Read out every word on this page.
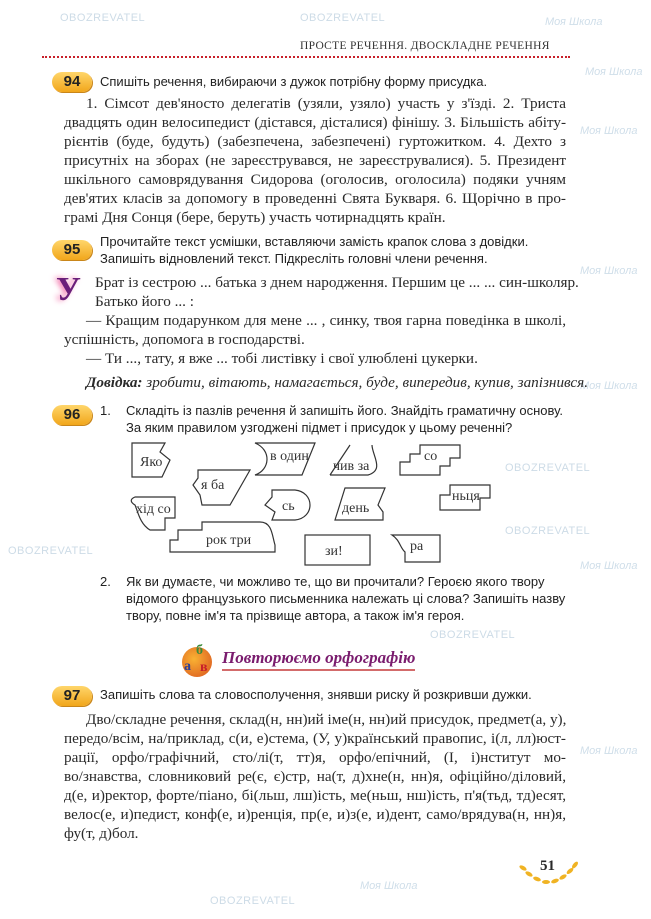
Моя Школа
OBOZREVATEL	Моя Школа
OBOZREVATEL
Моя Школа
OBOZREVATEL
Моя Школа
OBOZREVATEL
Моя Школа
OBOZREVATEL
Моя Школа
OBOZREVATEL
Моя Школа
OBOZREVATEL
Моя Школа
ПРОСТЕ РЕЧЕННЯ. ДВОСКЛАДНЕ РЕЧЕННЯ
94	Спишіть речення, вибираючи з дужок потрібну форму присудка.
1. Сімсот дев'яносто делегатів (узяли, узяло) участь у з'їзді. 2. Триста
двадцять один велосипедист (дістався, дісталися) фінішу. 3. Більшість абіту-
рієнтів (буде, будуть) (забезпечена, забезпечені) гуртожитком. 4. Дехто з
присутніх на зборах (не зареєструвався, не зареєструвалися). 5. Президент
шкільного самоврядування Сидорова (оголосив, оголосила) подяки учням
дев'ятих класів за допомогу в проведенні Свята Букваря. 6. Щорічно в про-
грамі Дня Сонця (бере, беруть) участь чотирнадцять країн.
95	Прочитайте текст усмішки, вставляючи замість крапок слова з довідки.
Запишіть відновлений текст. Підкресліть головні члени речення.
У Брат із сестрою ... батька з днем народження. Першим це ... ... син-школяр.
Батько його ... :
— Кращим подарунком для мене ... , синку, твоя гарна поведінка в школі,
успішність, допомога в господарстві.
— Ти ..., тату, я вже ... тобі листівку і свої улюблені цукерки.
Довідка: зробити, вітають, намагається, буде, випередив, купив, запізнився.
96	1. Складіть із пазлів речення й запишіть його. Знайдіть граматичну основу.
За яким правилом узгоджені підмет і присудок у цьому реченні?
Яко	в один
чив за
со
я ба
хід со	сь	день
ньця
рок три
зи!	ра
2. Як ви думаєте, чи можливо те, що ви прочитали? Героєю якого твору
відомого французького письменника належать ці слова? Запишіть назву
твору, повне ім'я та прізвище автора, а також ім'я героя.
б
а в
Повторюємо орфографію
97	Запишіть слова та словосполучення, знявши риску й розкривши дужки.
Дво/складне речення, склад(н, нн)ий іме(н, нн)ий присудок, предмет(а, у),
передо/всім, на/приклад, с(и, е)стема, (У, у)країнський правопис, і(л, лл)юст-
рації, орфо/графічний, сто/лі(т, тт)я, орфо/епічний, (І, і)нститут мо-
во/знавства, словниковий ре(є, є)стр, на(т, д)хне(н, нн)я, офіційно/діловий,
д(е, и)ректор, форте/піано, бі(льш, лш)ість, ме(ньш, нш)ість, п'я(тьд, тд)есят,
велос(е, и)педист, конф(е, и)ренція, пр(е, и)з(е, и)дент, само/врядува(н, нн)я,
фу(т, д)бол.
51
